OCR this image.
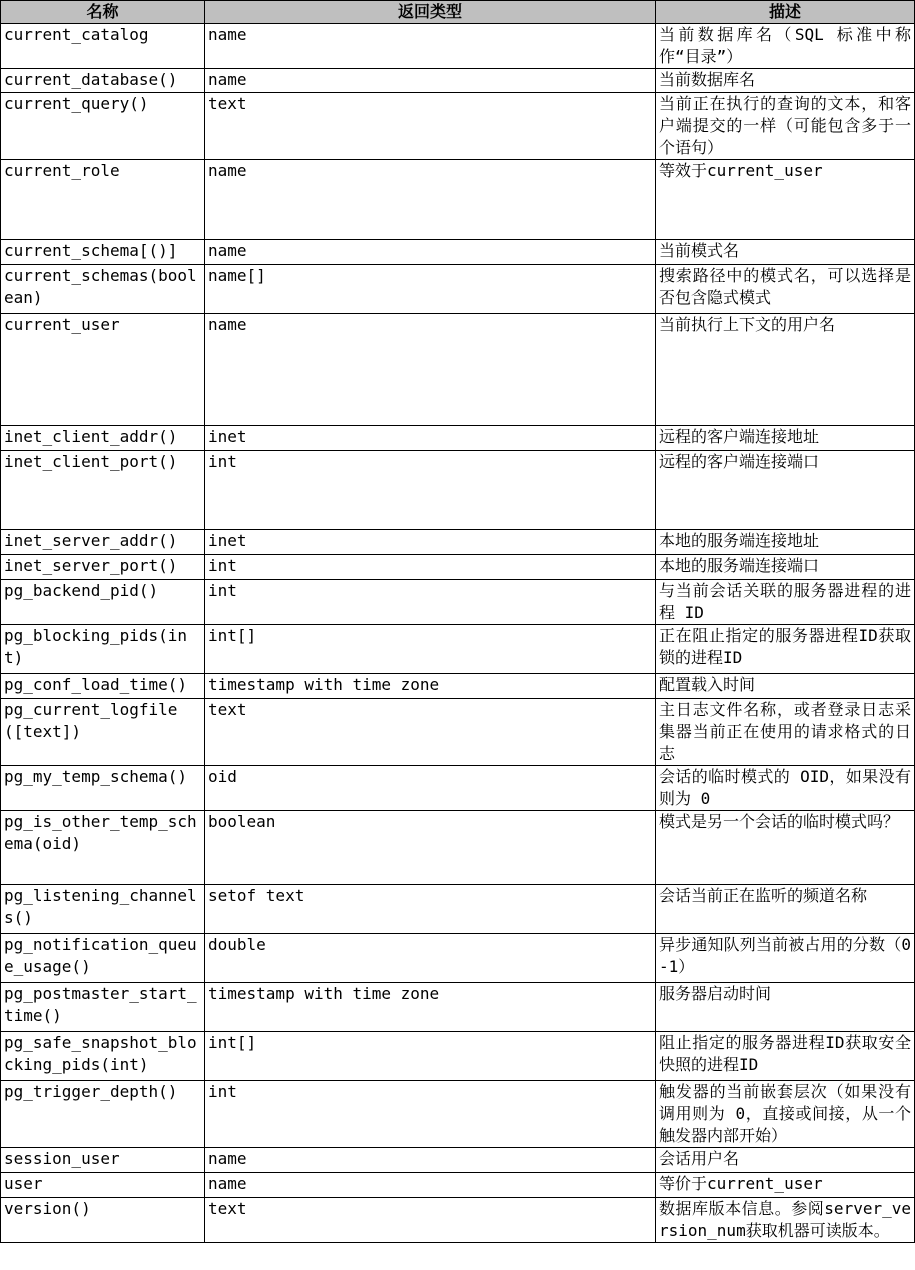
名称	返回类型	描述
current_catalog	name	当前数据库名（SQL 标准中称作“目录”）
current_database()	name	当前数据库名
current_query()	text	当前正在执行的查询的文本，和客户端提交的一样（可能包含多于一个语句）
current_role	name	等效于current_user
current_schema[()]	name	当前模式名
current_schemas(boolean)	name[]	搜索路径中的模式名，可以选择是否包含隐式模式
current_user	name	当前执行上下文的用户名
inet_client_addr()	inet	远程的客户端连接地址
inet_client_port()	int	远程的客户端连接端口
inet_server_addr()	inet	本地的服务端连接地址
inet_server_port()	int	本地的服务端连接端口
pg_backend_pid()	int	与当前会话关联的服务器进程的进程 ID
pg_blocking_pids(int)	int[]	正在阻止指定的服务器进程ID获取锁的进程ID
pg_conf_load_time()	timestamp with time zone	配置载入时间
pg_current_logfile([text])	text	主日志文件名称，或者登录日志采集器当前正在使用的请求格式的日志
pg_my_temp_schema()	oid	会话的临时模式的 OID，如果没有则为 0
pg_is_other_temp_schema(oid)	boolean	模式是另一个会话的临时模式吗？
pg_listening_channels()	setof text	会话当前正在监听的频道名称
pg_notification_queue_usage()	double	异步通知队列当前被占用的分数（0-1）
pg_postmaster_start_time()	timestamp with time zone	服务器启动时间
pg_safe_snapshot_blocking_pids(int)	int[]	阻止指定的服务器进程ID获取安全快照的进程ID
pg_trigger_depth()	int	触发器的当前嵌套层次（如果没有调用则为 0，直接或间接，从一个触发器内部开始）
session_user	name	会话用户名
user	name	等价于current_user
version()	text	数据库版本信息。参阅server_version_num获取机器可读版本。
